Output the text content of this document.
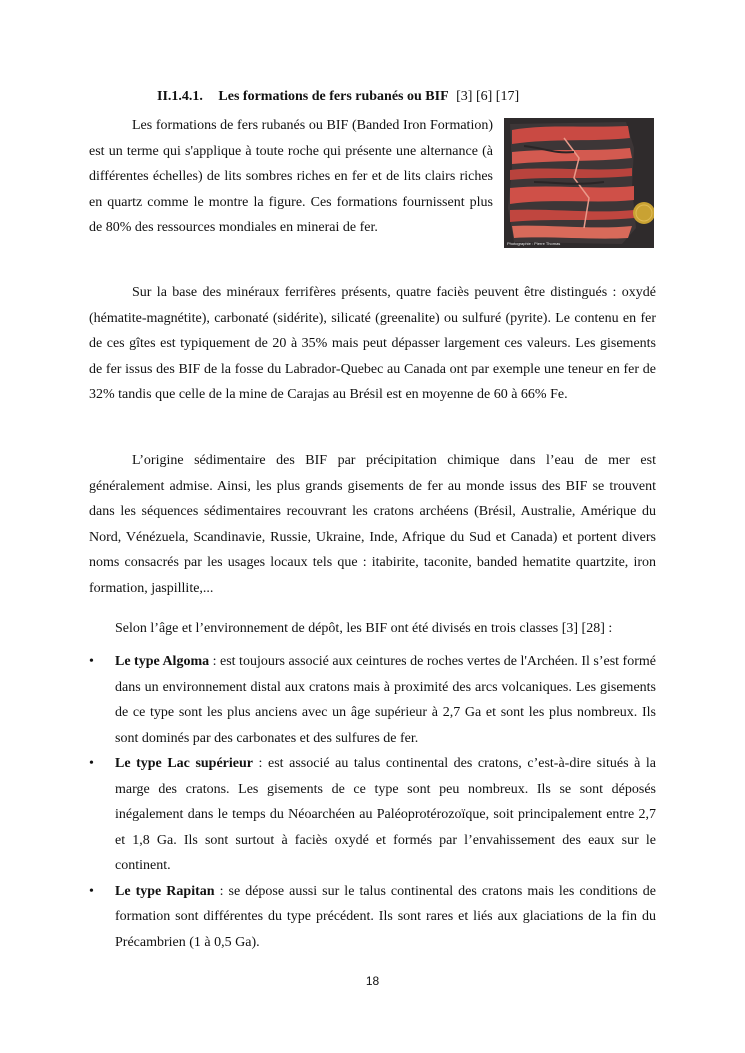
II.1.4.1. Les formations de fers rubanés ou BIF [3] [6] [17]

Les formations de fers rubanés ou BIF (Banded Iron Formation) est un terme qui s'applique à toute roche qui présente une alternance (à différentes échelles) de lits sombres riches en fer et de lits clairs riches en quartz comme le montre la figure. Ces formations fournissent plus de 80% des ressources mondiales en minerai de fer.

Photographie : Pierre Thomas

Sur la base des minéraux ferrifères présents, quatre faciès peuvent être distingués : oxydé (hématite-magnétite), carbonaté (sidérite), silicaté (greenalite) ou sulfuré (pyrite). Le contenu en fer de ces gîtes est typiquement de 20 à 35% mais peut dépasser largement ces valeurs. Les gisements de fer issus des BIF de la fosse du Labrador-Quebec au Canada ont par exemple une teneur en fer de 32% tandis que celle de la mine de Carajas au Brésil est en moyenne de 60 à 66% Fe.

L’origine sédimentaire des BIF par précipitation chimique dans l’eau de mer est généralement admise. Ainsi, les plus grands gisements de fer au monde issus des BIF se trouvent dans les séquences sédimentaires recouvrant les cratons archéens (Brésil, Australie, Amérique du Nord, Vénézuela, Scandinavie, Russie, Ukraine, Inde, Afrique du Sud et Canada) et portent divers noms consacrés par les usages locaux tels que : itabirite, taconite, banded hematite quartzite, iron formation, jaspillite,...

Selon l’âge et l’environnement de dépôt, les BIF ont été divisés en trois classes [3] [28] :

• Le type Algoma : est toujours associé aux ceintures de roches vertes de l'Archéen. Il s’est formé dans un environnement distal aux cratons mais à proximité des arcs volcaniques. Les gisements de ce type sont les plus anciens avec un âge supérieur à 2,7 Ga et sont les plus nombreux. Ils sont dominés par des carbonates et des sulfures de fer.
• Le type Lac supérieur : est associé au talus continental des cratons, c’est-à-dire situés à la marge des cratons. Les gisements de ce type sont peu nombreux. Ils se sont déposés inégalement dans le temps du Néoarchéen au Paléoprotérozoïque, soit principalement entre 2,7 et 1,8 Ga. Ils sont surtout à faciès oxydé et formés par l’envahissement des eaux sur le continent.
• Le type Rapitan : se dépose aussi sur le talus continental des cratons mais les conditions de formation sont différentes du type précédent. Ils sont rares et liés aux glaciations de la fin du Précambrien (1 à 0,5 Ga).
18
